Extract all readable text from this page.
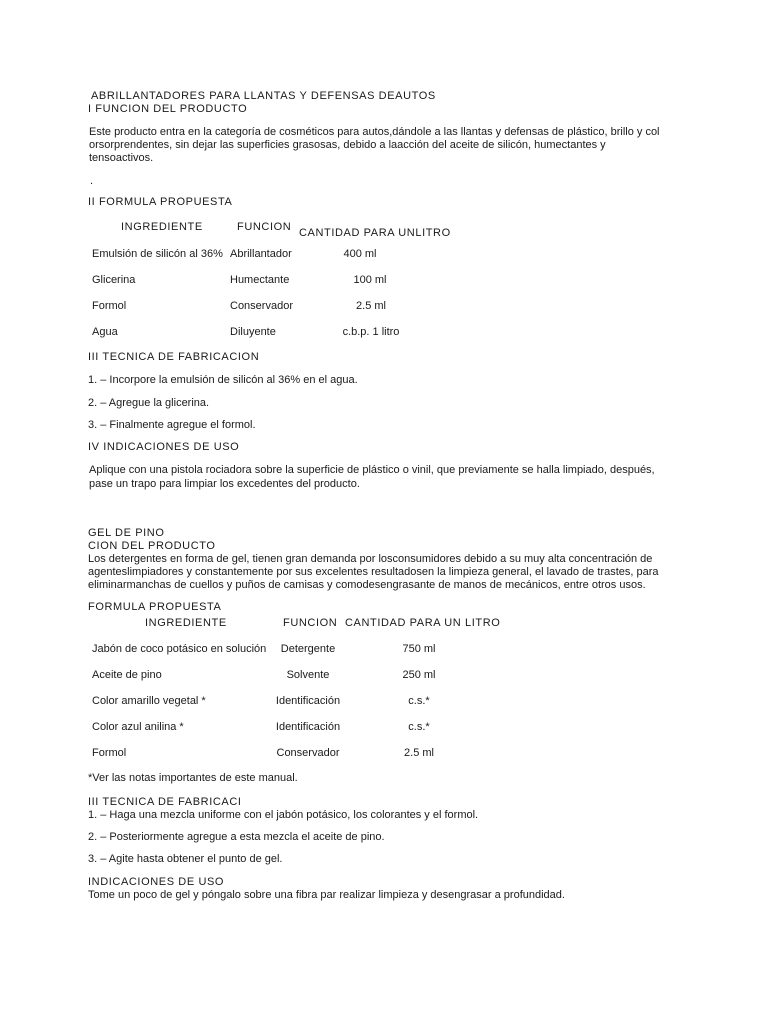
ABRILLANTADORES PARA LLANTAS Y DEFENSAS DEAUTOS
I FUNCION DEL PRODUCTO
Este producto entra en la categoría de cosméticos para autos,dándole a las llantas y defensas de plástico, brillo y col
orsorprendentes, sin dejar las superficies grasosas, debido a laacción del aceite de silicón, humectantes y
tensoactivos.
.
II FORMULA PROPUESTA
INGREDIENTE	FUNCION CANTIDAD PARA UNLITRO
Emulsión de silicón al 36% Abrillantador	400 ml
Glicerina	Humectante	100 ml
Formol	Conservador	2.5 ml
Agua	Diluyente	c.b.p. 1 litro
III TECNICA DE FABRICACION
1. – Incorpore la emulsión de silicón al 36% en el agua.
2. – Agregue la glicerina.
3. – Finalmente agregue el formol.
IV INDICACIONES DE USO
Aplique con una pistola rociadora sobre la superficie de plástico o vinil, que previamente se halla limpiado, después,
pase un trapo para limpiar los excedentes del producto.
GEL DE PINO
CION DEL PRODUCTO
Los detergentes en forma de gel, tienen gran demanda por losconsumidores debido a su muy alta concentración de
agenteslimpiadores y constantemente por sus excelentes resultadosen la limpieza general, el lavado de trastes, para
eliminarmanchas de cuellos y puños de camisas y comodesengrasante de manos de mecánicos, entre otros usos.
FORMULA PROPUESTA
INGREDIENTE	FUNCION CANTIDAD PARA UN LITRO
Jabón de coco potásico en solución	Detergente	750 ml
Aceite de pino	Solvente	250 ml
Color amarillo vegetal *	Identificación	c.s.*
Color azul anilina *	Identificación	c.s.*
Formol	Conservador	2.5 ml
*Ver las notas importantes de este manual.
III TECNICA DE FABRICACI
1. – Haga una mezcla uniforme con el jabón potásico, los colorantes y el formol.
2. – Posteriormente agregue a esta mezcla el aceite de pino.
3. – Agite hasta obtener el punto de gel.
INDICACIONES DE USO
Tome un poco de gel y póngalo sobre una fibra par realizar limpieza y desengrasar a profundidad.
